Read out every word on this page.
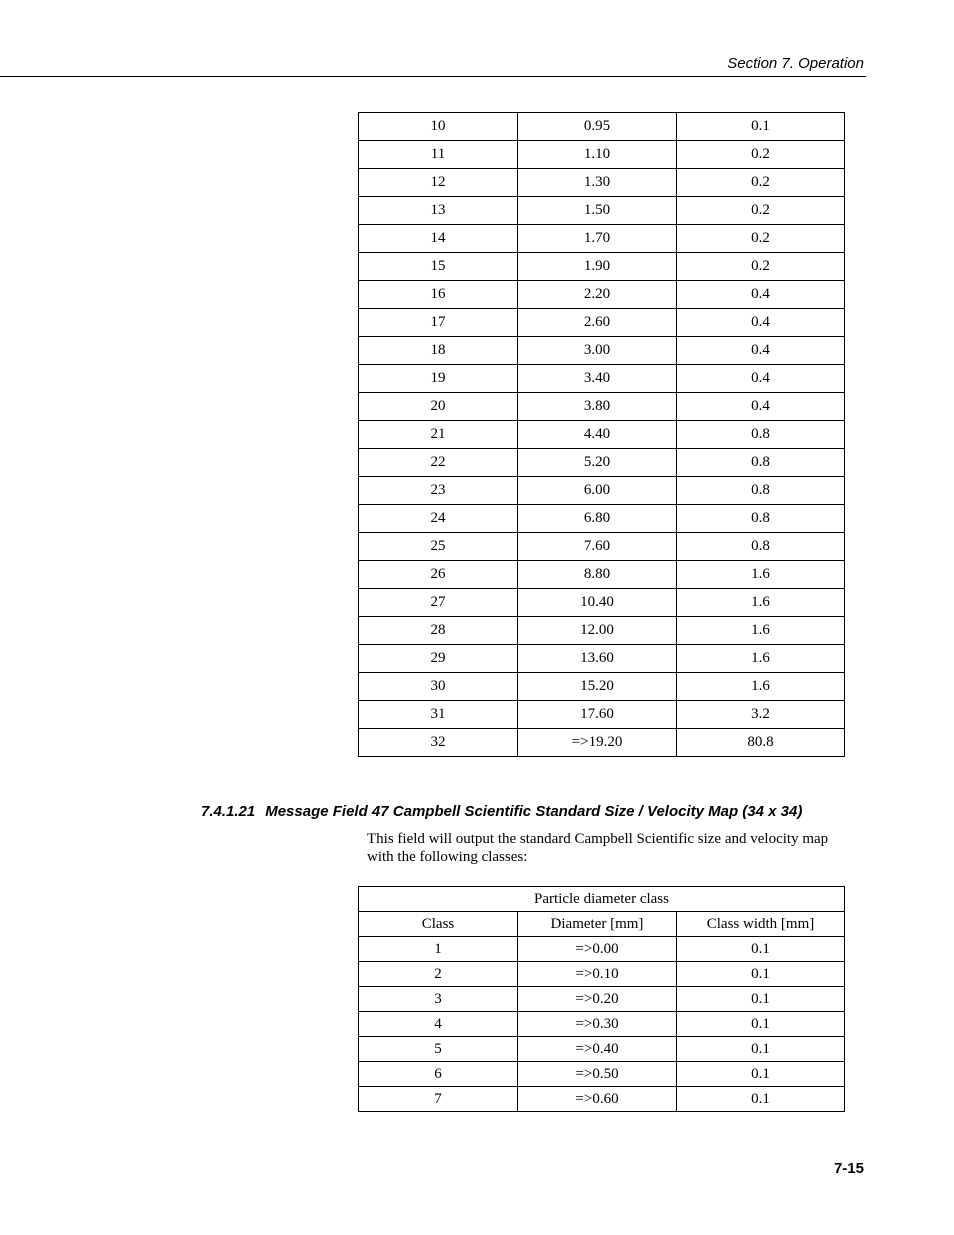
Section 7. Operation
10	0.95	0.1
11	1.10	0.2
12	1.30	0.2
13	1.50	0.2
14	1.70	0.2
15	1.90	0.2
16	2.20	0.4
17	2.60	0.4
18	3.00	0.4
19	3.40	0.4
20	3.80	0.4
21	4.40	0.8
22	5.20	0.8
23	6.00	0.8
24	6.80	0.8
25	7.60	0.8
26	8.80	1.6
27	10.40	1.6
28	12.00	1.6
29	13.60	1.6
30	15.20	1.6
31	17.60	3.2
32	=>19.20	80.8
7.4.1.21 Message Field 47 Campbell Scientific Standard Size / Velocity Map (34 x 34)
This field will output the standard Campbell Scientific size and velocity map with the following classes:
Particle diameter class		
Class	Diameter [mm]	Class width [mm]
1	=>0.00	0.1
2	=>0.10	0.1
3	=>0.20	0.1
4	=>0.30	0.1
5	=>0.40	0.1
6	=>0.50	0.1
7	=>0.60	0.1
7-15
